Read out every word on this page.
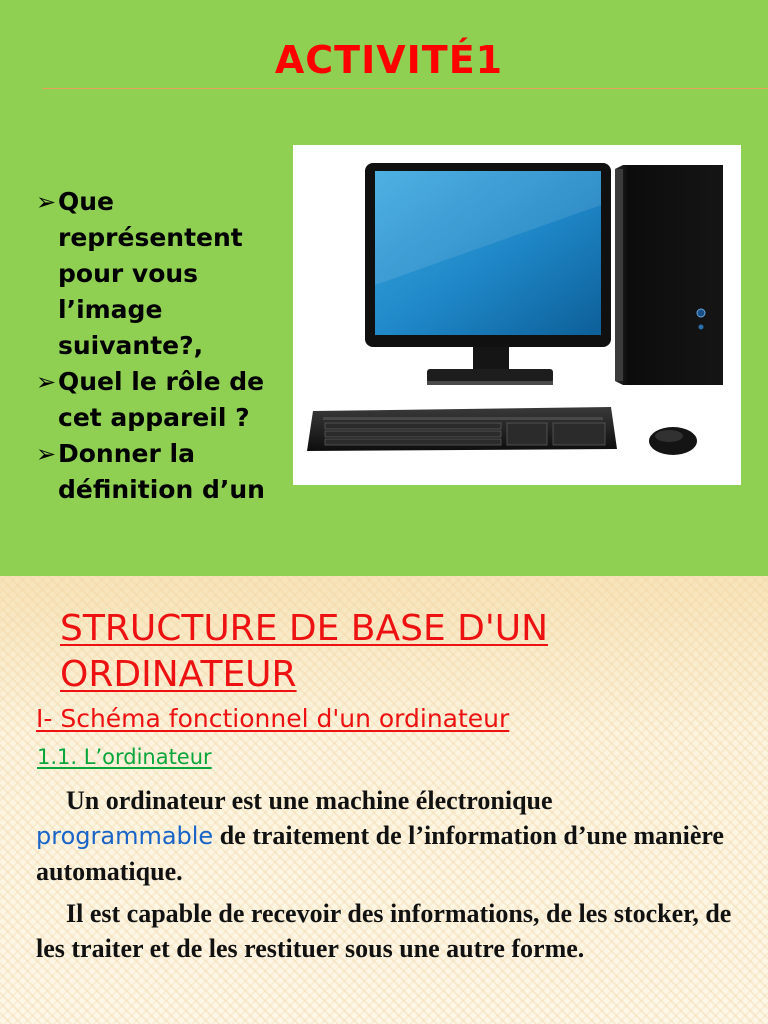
ACTIVITÉ1
➢ Que représentent pour vous l’image suivante?,
➢ Quel le rôle de cet appareil ?
➢ Donner la définition d’un
STRUCTURE DE BASE D'UN ORDINATEUR
I- Schéma fonctionnel d'un ordinateur
1.1. L’ordinateur

Un ordinateur est une machine électronique programmable de traitement de l’information d’une manière automatique.

Il est capable de recevoir des informations, de les stocker, de les traiter et de les restituer sous une autre forme.
